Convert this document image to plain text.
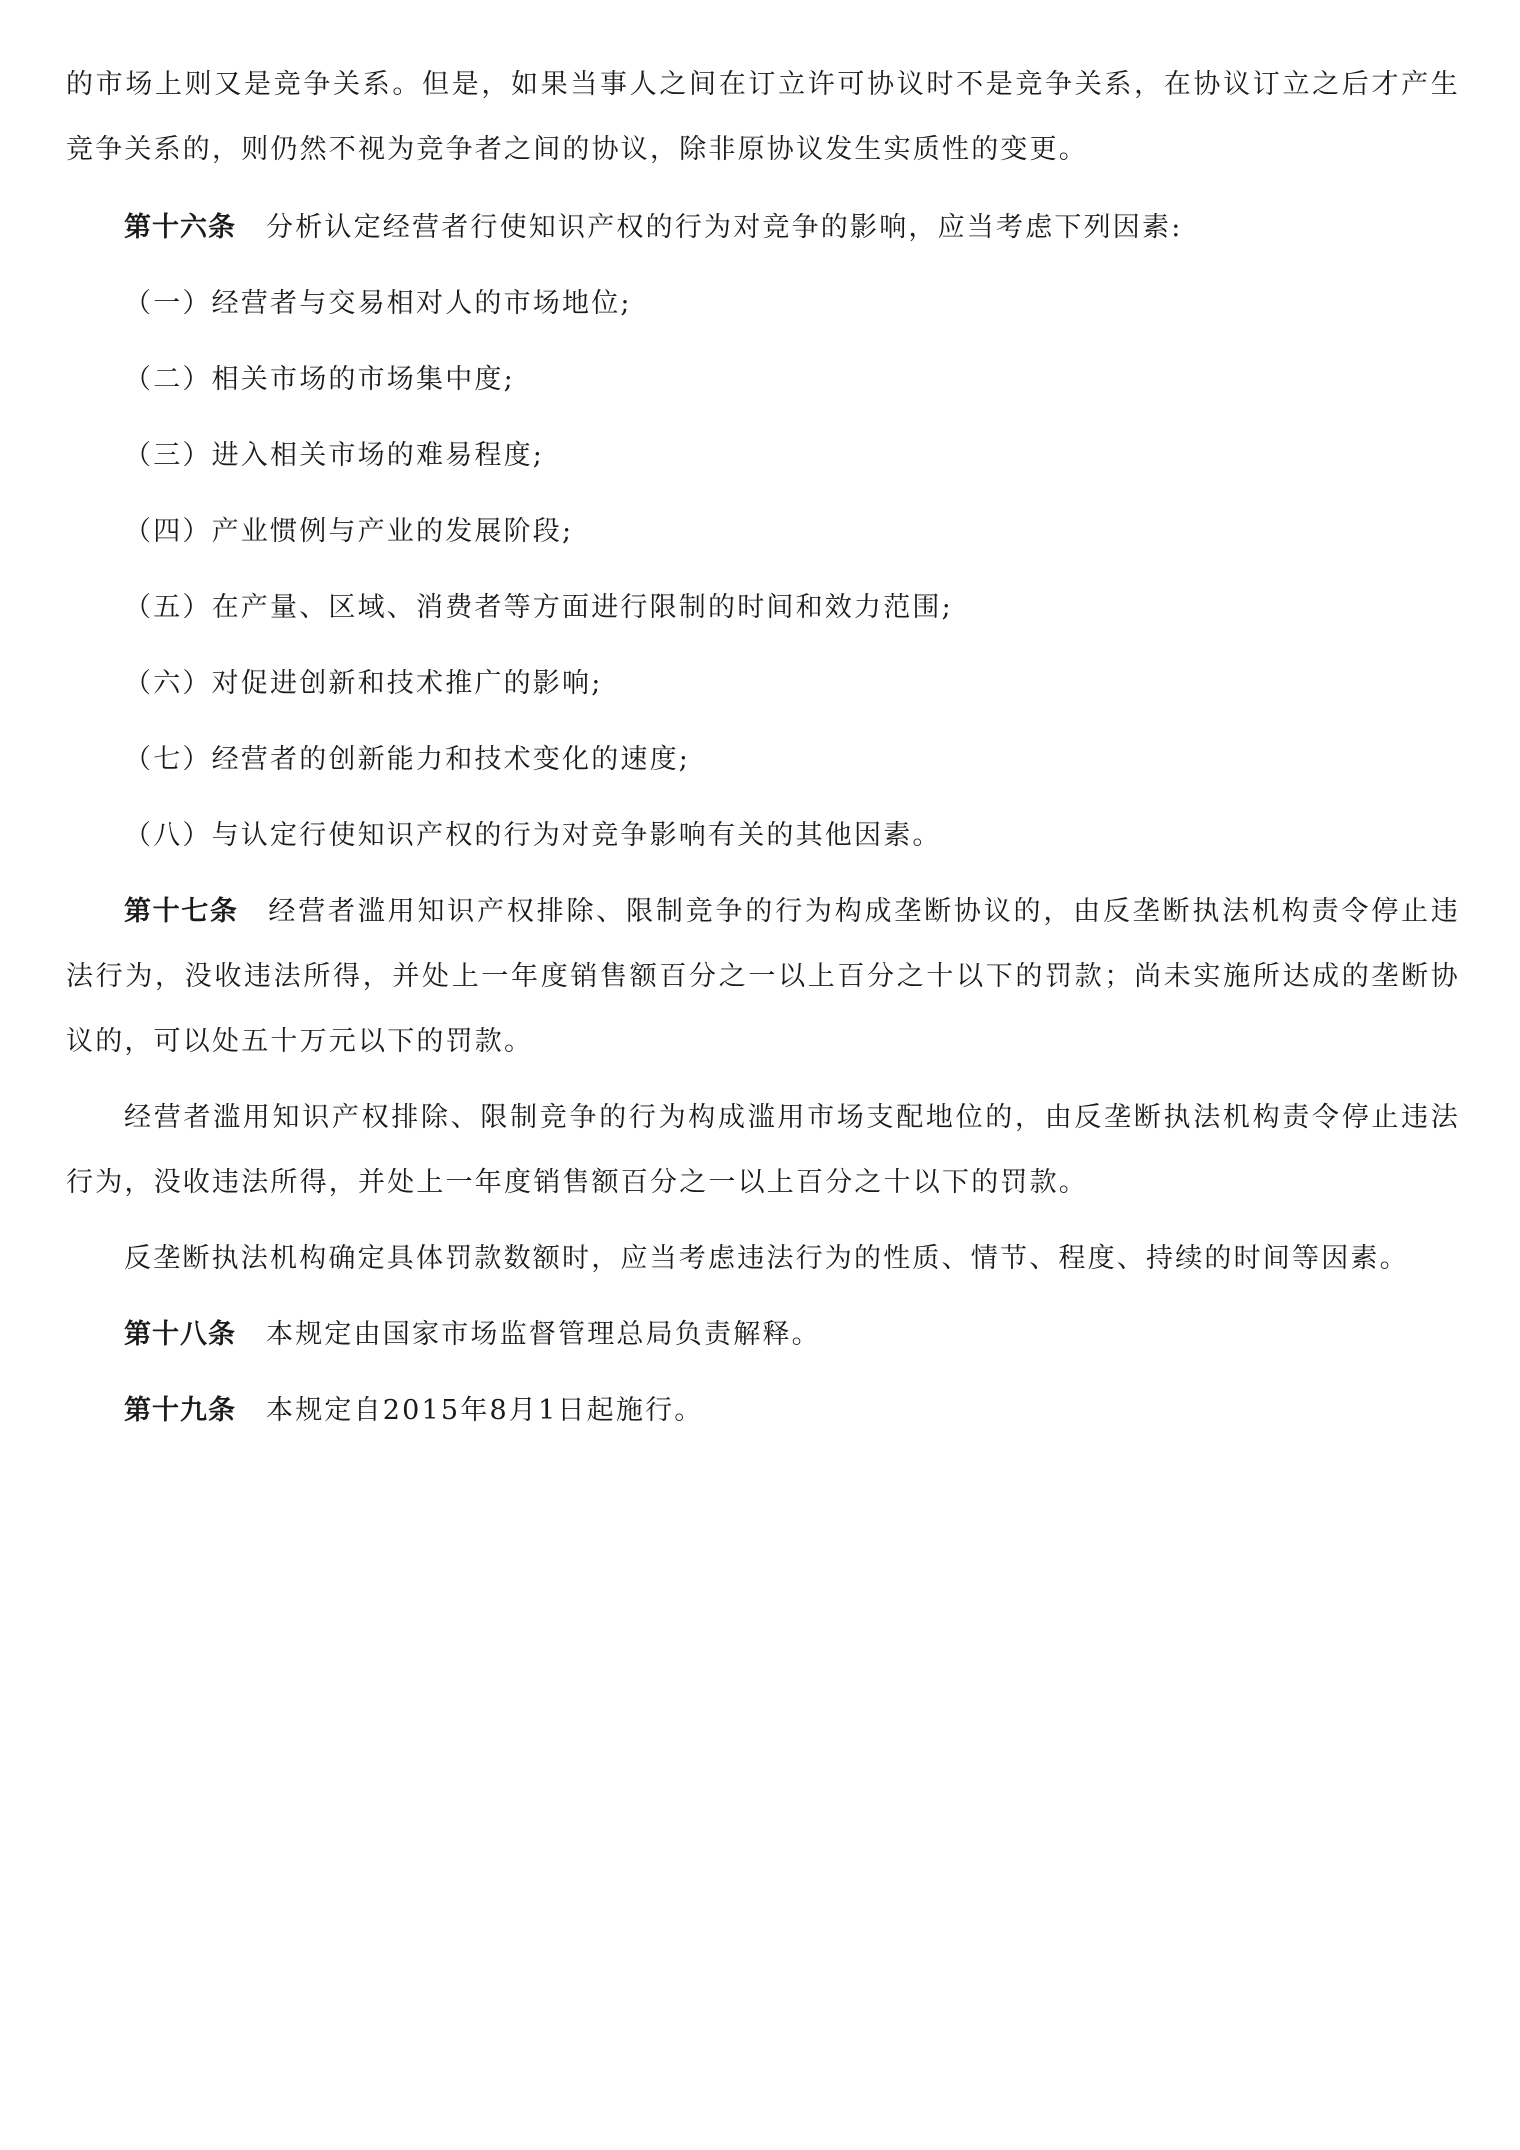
的市场上则又是竞争关系。但是，如果当事人之间在订立许可协议时不是竞争关系，在协议订立之后才产生竞争关系的，则仍然不视为竞争者之间的协议，除非原协议发生实质性的变更。

第十六条 分析认定经营者行使知识产权的行为对竞争的影响，应当考虑下列因素:

（一）经营者与交易相对人的市场地位;

（二）相关市场的市场集中度;

（三）进入相关市场的难易程度;

（四）产业惯例与产业的发展阶段;

（五）在产量、区域、消费者等方面进行限制的时间和效力范围;

（六）对促进创新和技术推广的影响;

（七）经营者的创新能力和技术变化的速度;

（八）与认定行使知识产权的行为对竞争影响有关的其他因素。

第十七条 经营者滥用知识产权排除、限制竞争的行为构成垄断协议的，由反垄断执法机构责令停止违法行为，没收违法所得，并处上一年度销售额百分之一以上百分之十以下的罚款；尚未实施所达成的垄断协议的，可以处五十万元以下的罚款。

经营者滥用知识产权排除、限制竞争的行为构成滥用市场支配地位的，由反垄断执法机构责令停止违法行为，没收违法所得，并处上一年度销售额百分之一以上百分之十以下的罚款。

反垄断执法机构确定具体罚款数额时，应当考虑违法行为的性质、情节、程度、持续的时间等因素。

第十八条 本规定由国家市场监督管理总局负责解释。

第十九条 本规定自2015年8月1日起施行。
